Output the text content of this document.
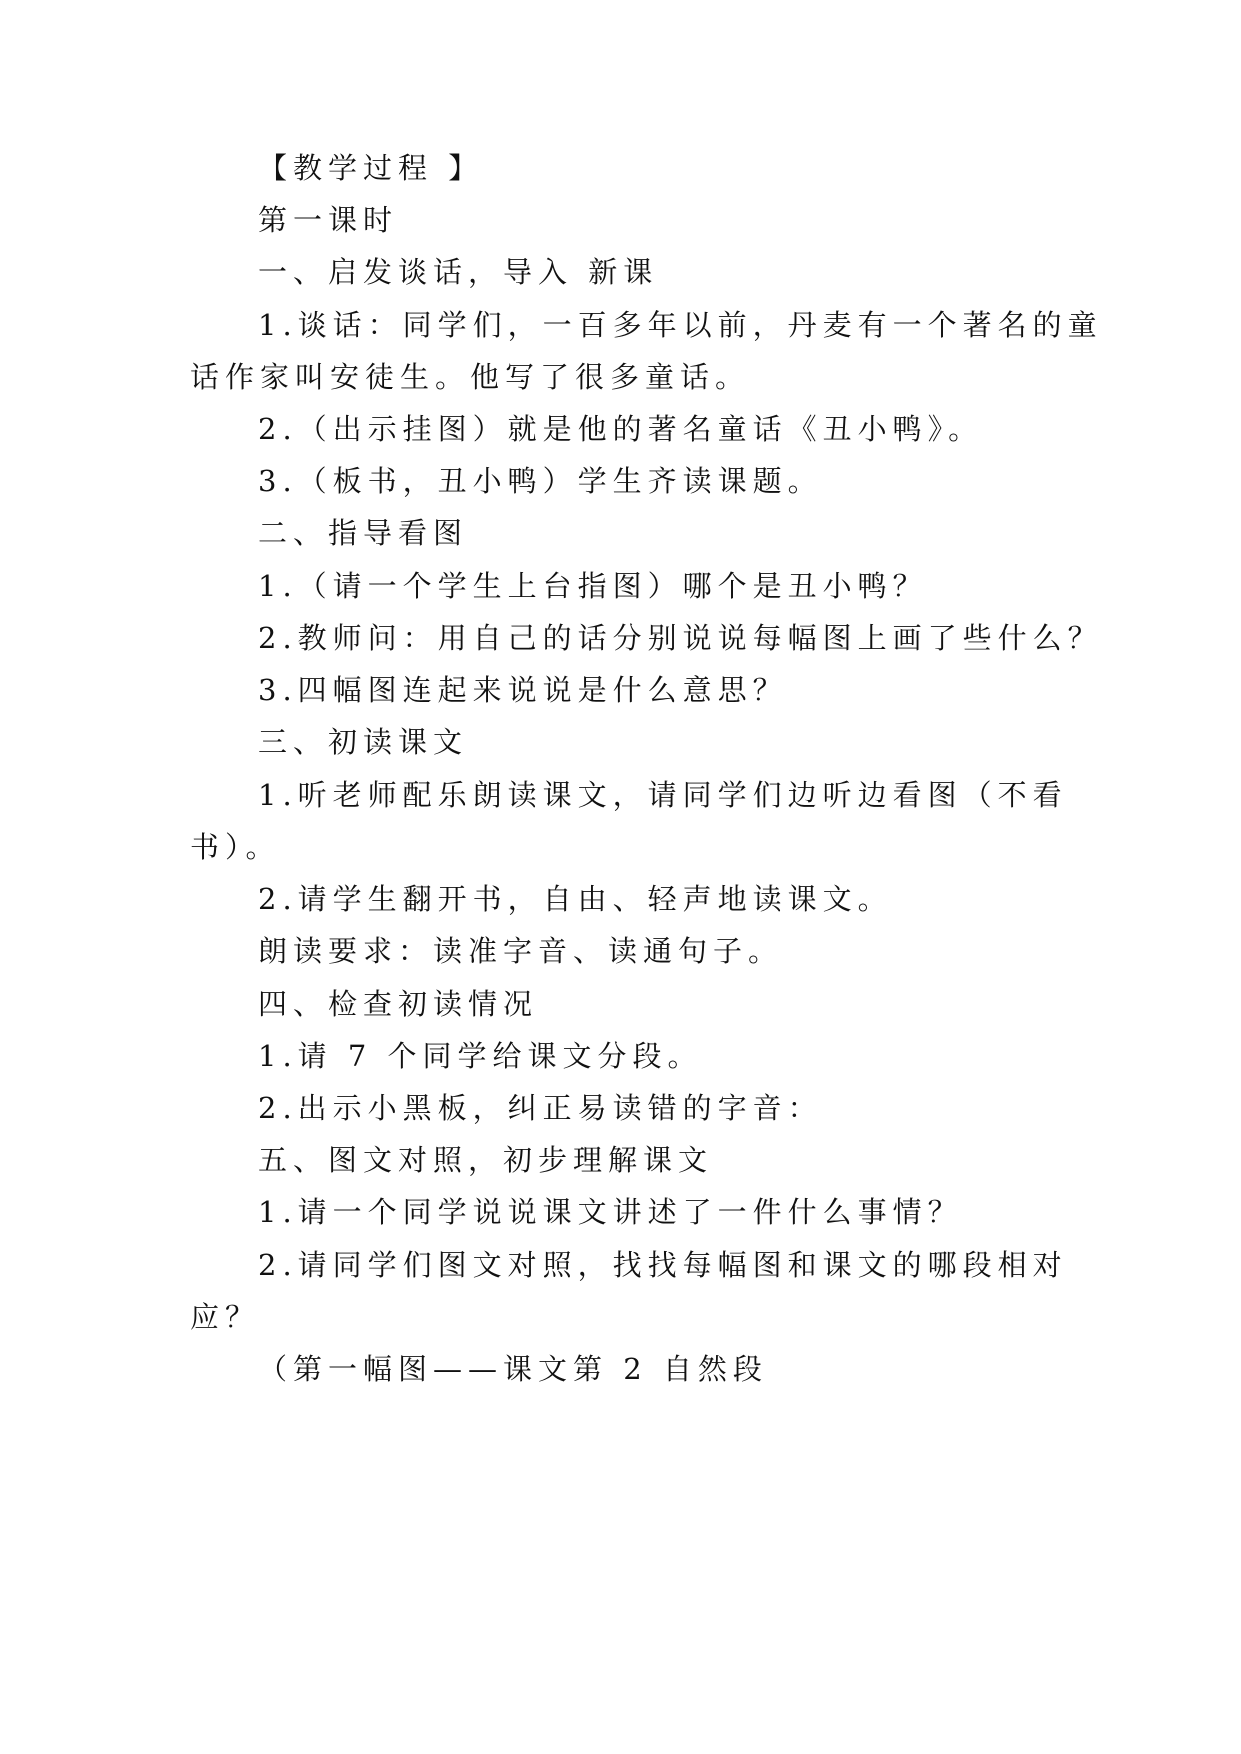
【教学过程 】
第一课时
一、启发谈话，导入 新课
1.谈话：同学们，一百多年以前，丹麦有一个著名的童
话作家叫安徒生。他写了很多童话。
2.（出示挂图）就是他的著名童话《丑小鸭》。
3.（板书，丑小鸭）学生齐读课题。
二、指导看图
1.（请一个学生上台指图）哪个是丑小鸭？
2.教师问：用自己的话分别说说每幅图上画了些什么？
3.四幅图连起来说说是什么意思？
三、初读课文
1.听老师配乐朗读课文，请同学们边听边看图（不看
书）。
2.请学生翻开书，自由、轻声地读课文。
朗读要求：读准字音、读通句子。
四、检查初读情况
1.请 7 个同学给课文分段。
2.出示小黑板，纠正易读错的字音：
五、图文对照，初步理解课文
1.请一个同学说说课文讲述了一件什么事情？
2.请同学们图文对照，找找每幅图和课文的哪段相对
应？
（第一幅图——课文第 2 自然段
